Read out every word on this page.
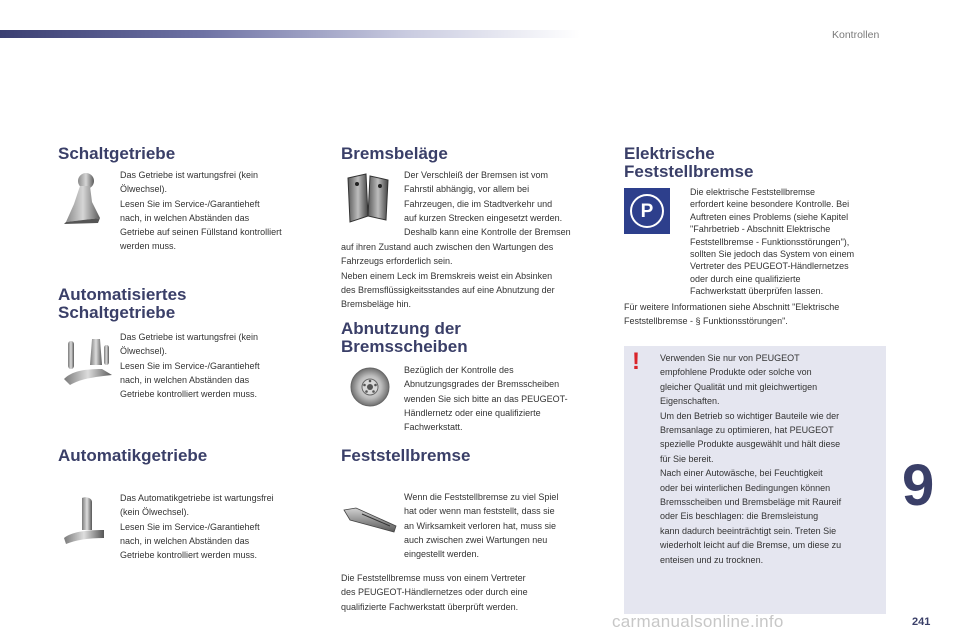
Kontrollen
Schaltgetriebe
Das Getriebe ist wartungsfrei (kein
Ölwechsel).
Lesen Sie im Service-/Garantieheft
nach, in welchen Abständen das
Getriebe auf seinen Füllstand kontrolliert
werden muss.
Automatisiertes
Schaltgetriebe
Das Getriebe ist wartungsfrei (kein
Ölwechsel).
Lesen Sie im Service-/Garantieheft
nach, in welchen Abständen das
Getriebe kontrolliert werden muss.
Automatikgetriebe
Das Automatikgetriebe ist wartungsfrei
(kein Ölwechsel).
Lesen Sie im Service-/Garantieheft
nach, in welchen Abständen das
Getriebe kontrolliert werden muss.
Bremsbeläge
Der Verschleiß der Bremsen ist vom
Fahrstil abhängig, vor allem bei
Fahrzeugen, die im Stadtverkehr und
auf kurzen Strecken eingesetzt werden.
Deshalb kann eine Kontrolle der Bremsen
auf ihren Zustand auch zwischen den Wartungen des
Fahrzeugs erforderlich sein.
Neben einem Leck im Bremskreis weist ein Absinken
des Bremsflüssigkeitsstandes auf eine Abnutzung der
Bremsbeläge hin.
Abnutzung der
Bremsscheiben
Bezüglich der Kontrolle des
Abnutzungsgrades der Bremsscheiben
wenden Sie sich bitte an das PEUGEOT-
Händlernetz oder eine qualifizierte
Fachwerkstatt.
Feststellbremse
Wenn die Feststellbremse zu viel Spiel
hat oder wenn man feststellt, dass sie
an Wirksamkeit verloren hat, muss sie
auch zwischen zwei Wartungen neu
eingestellt werden.
Die Feststellbremse muss von einem Vertreter
des PEUGEOT-Händlernetzes oder durch eine
qualifizierte Fachwerkstatt überprüft werden.
Elektrische
Feststellbremse
P
Die elektrische Feststellbremse
erfordert keine besondere Kontrolle. Bei
Auftreten eines Problems (siehe Kapitel
"Fahrbetrieb - Abschnitt Elektrische
Feststellbremse - Funktionsstörungen"),
sollten Sie jedoch das System von einem
Vertreter des PEUGEOT-Händlernetzes
oder durch eine qualifizierte
Fachwerkstatt überprüfen lassen.
Für weitere Informationen siehe Abschnitt "Elektrische
Feststellbremse - § Funktionsstörungen".
!	Verwenden Sie nur von PEUGEOT
empfohlene Produkte oder solche von
gleicher Qualität und mit gleichwertigen
Eigenschaften.
Um den Betrieb so wichtiger Bauteile wie der
Bremsanlage zu optimieren, hat PEUGEOT
spezielle Produkte ausgewählt und hält diese
für Sie bereit.
Nach einer Autowäsche, bei Feuchtigkeit
oder bei winterlichen Bedingungen können
Bremsscheiben und Bremsbeläge mit Raureif
oder Eis beschlagen: die Bremsleistung
kann dadurch beeinträchtigt sein. Treten Sie
wiederholt leicht auf die Bremse, um diese zu
enteisen und zu trocknen.
9
carmanualsonline.info	241
